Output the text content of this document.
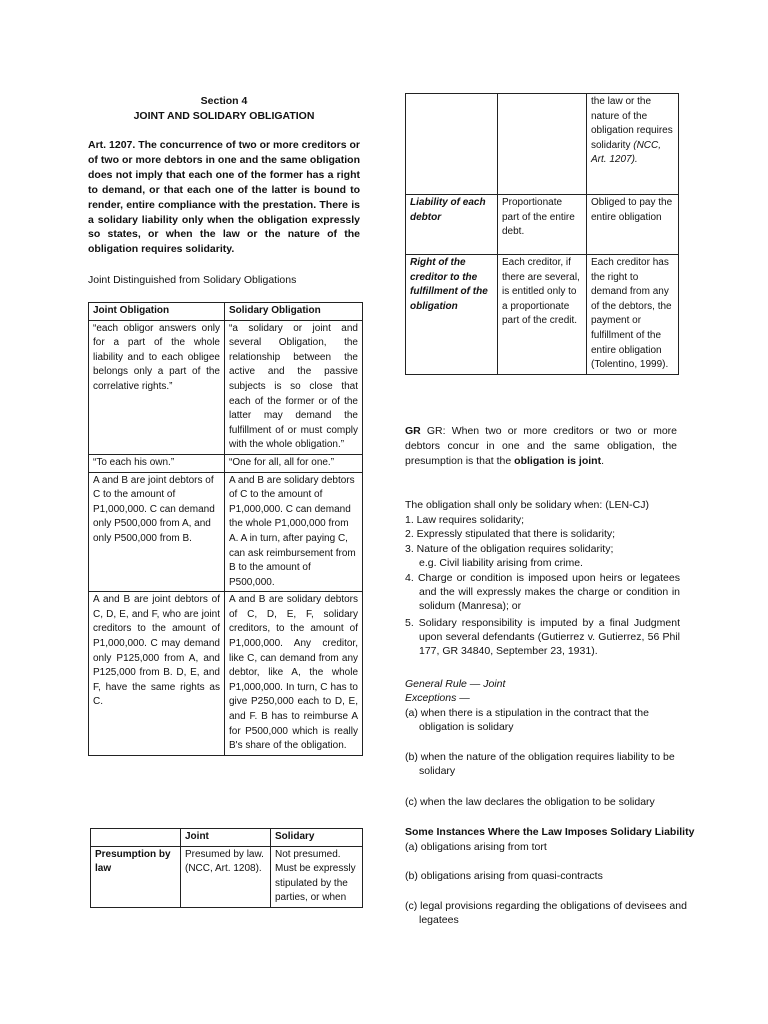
Section 4
JOINT AND SOLIDARY OBLIGATION
Art. 1207. The concurrence of two or more creditors or of two or more debtors in one and the same obligation does not imply that each one of the former has a right to demand, or that each one of the latter is bound to render, entire compliance with the prestation. There is a solidary liability only when the obligation expressly so states, or when the law or the nature of the obligation requires solidarity.
Joint Distinguished from Solidary Obligations
Joint Obligation	Solidary Obligation
“each obligor answers only for a part of the whole liability and to each obligee belongs only a part of the correlative rights.”	“a solidary or joint and several Obligation, the relationship between the active and the passive subjects is so close that each of the former or of the latter may demand the fulfillment of or must comply with the whole obligation.”
“To each his own.”	“One for all, all for one.”
A and B are joint debtors of C to the amount of P1,000,000. C can demand only P500,000 from A, and only P500,000 from B.	A and B are solidary debtors of C to the amount of P1,000,000. C can demand the whole P1,000,000 from A. A in turn, after paying C, can ask reimbursement from B to the amount of P500,000.
A and B are joint debtors of C, D, E, and F, who are joint creditors to the amount of P1,000,000. C may demand only P125,000 from A, and P125,000 from B. D, E, and F, have the same rights as C.	A and B are solidary debtors of C, D, E, F, solidary creditors, to the amount of P1,000,000. Any creditor, like C, can demand from any debtor, like A, the whole P1,000,000. In turn, C has to give P250,000 each to D, E, and F. B has to reimburse A for P500,000 which is really B's share of the obligation.
	Joint	Solidary
Presumption by law	Presumed by law. (NCC, Art. 1208).	Not presumed. Must be expressly stipulated by the parties, or when
		the law or the nature of the obligation requires solidarity (NCC, Art. 1207).
Liability of each debtor	Proportionate part of the entire debt.	Obliged to pay the entire obligation
Right of the creditor to the fulfillment of the obligation	Each creditor, if there are several, is entitled only to a proportionate part of the credit.	Each creditor has the right to demand from any of the debtors, the payment or fulfillment of the entire obligation (Tolentino, 1999).
GR GR: When two or more creditors or two or more debtors concur in one and the same obligation, the presumption is that the obligation is joint.
The obligation shall only be solidary when: (LEN-CJ)
1. Law requires solidarity;
2. Expressly stipulated that there is solidarity;
3. Nature of the obligation requires solidarity;
e.g. Civil liability arising from crime.
4. Charge or condition is imposed upon heirs or legatees and the will expressly makes the charge or condition in solidum (Manresa); or
5. Solidary responsibility is imputed by a final Judgment upon several defendants (Gutierrez v. Gutierrez, 56 Phil 177, GR 34840, September 23, 1931).
General Rule — Joint
Exceptions —
(a) when there is a stipulation in the contract that the obligation is solidary
(b) when the nature of the obligation requires liability to be solidary
(c) when the law declares the obligation to be solidary
Some Instances Where the Law Imposes Solidary Liability
(a) obligations arising from tort
(b) obligations arising from quasi-contracts
(c) legal provisions regarding the obligations of devisees and legatees
